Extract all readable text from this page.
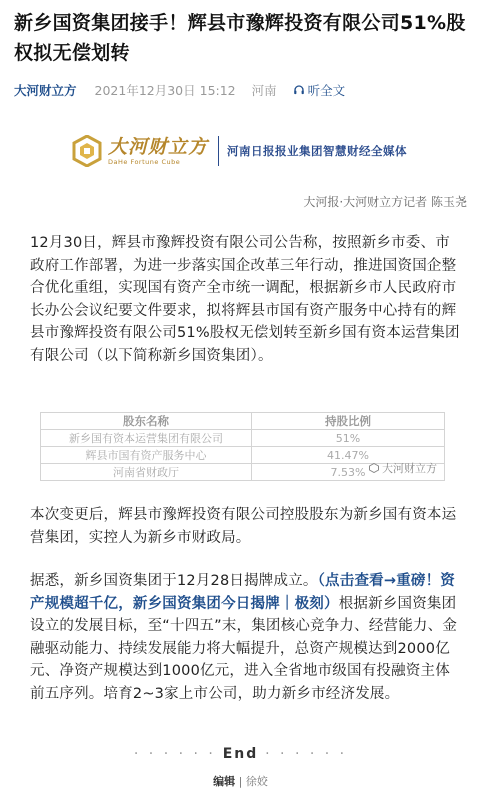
新乡国资集团接手！辉县市豫辉投资有限公司51%股权拟无偿划转
大河财立方 2021年12月30日 15:12 河南 听全文
大河财立方
DaHe Fortune Cube
河南日报报业集团智慧财经全媒体
大河报·大河财立方记者 陈玉尧
12月30日，辉县市豫辉投资有限公司公告称，按照新乡市委、市政府工作部署，为进一步落实国企改革三年行动，推进国资国企整合优化重组，实现国有资产全市统一调配，根据新乡市人民政府市长办公会议纪要文件要求，拟将辉县市国有资产服务中心持有的辉县市豫辉投资有限公司51%股权无偿划转至新乡国有资本运营集团有限公司（以下简称新乡国资集团）。
股东名称	持股比例
新乡国有资本运营集团有限公司	51%
辉县市国有资产服务中心	41.47%
河南省财政厅	7.53% 大河财立方
本次变更后，辉县市豫辉投资有限公司控股股东为新乡国有资本运营集团，实控人为新乡市财政局。
据悉，新乡国资集团于12月28日揭牌成立。（点击查看→重磅！资产规模超千亿，新乡国资集团今日揭牌｜极刻）根据新乡国资集团设立的发展目标，至“十四五”末，集团核心竞争力、经营能力、金融驱动能力、持续发展能力将大幅提升，总资产规模达到2000亿元、净资产规模达到1000亿元，进入全省地市级国有投融资主体前五序列。培育2~3家上市公司，助力新乡市经济发展。
· · · · · · End · · · · · ·
编辑 | 徐姣
